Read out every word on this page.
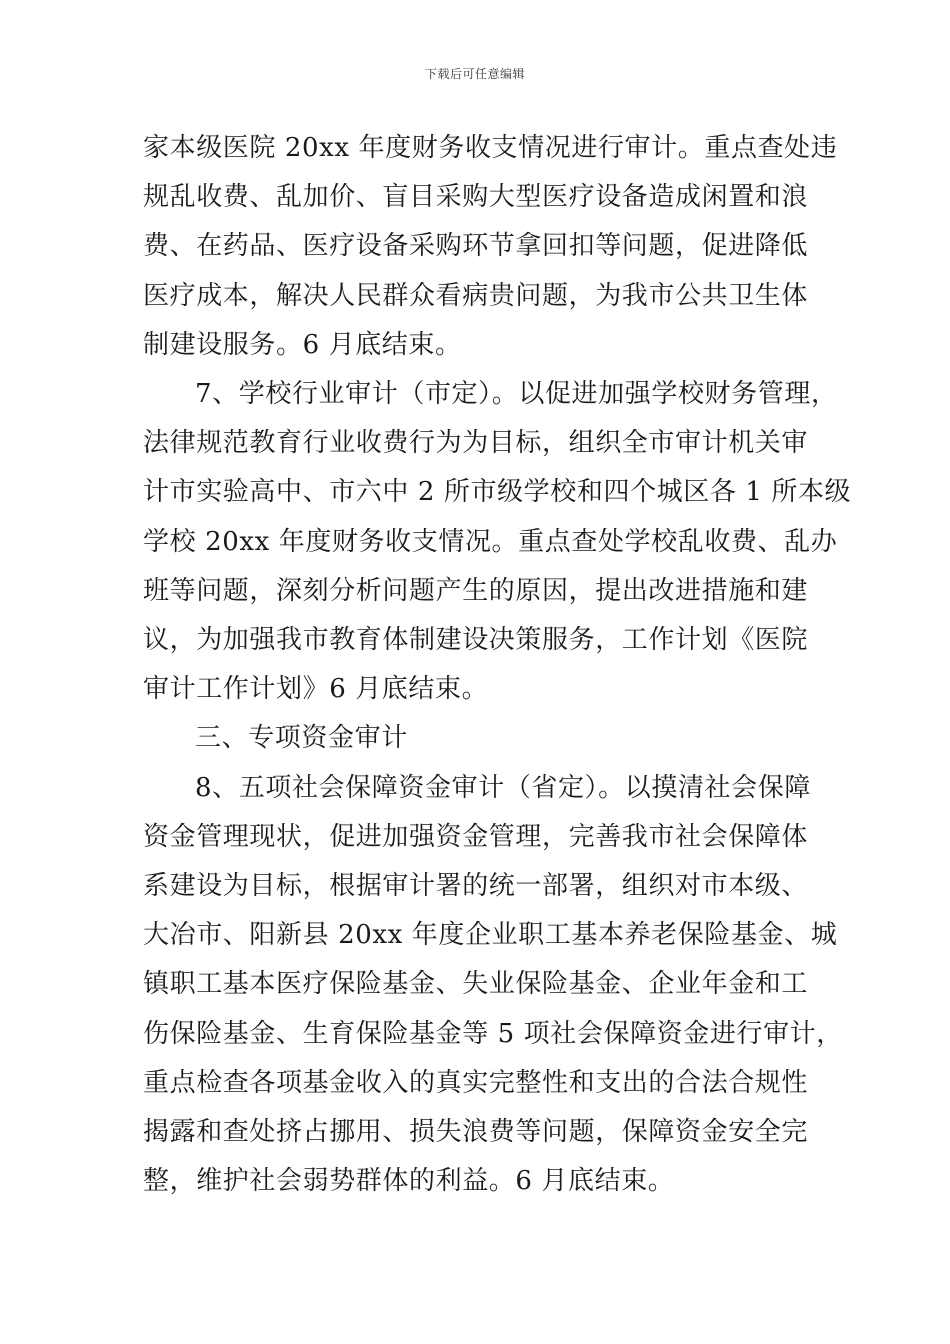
下载后可任意编辑

家本级医院 20xx 年度财务收支情况进行审计。重点查处违
规乱收费、乱加价、盲目采购大型医疗设备造成闲置和浪
费、在药品、医疗设备采购环节拿回扣等问题，促进降低
医疗成本，解决人民群众看病贵问题，为我市公共卫生体
制建设服务。6 月底结束。

7、学校行业审计（市定）。以促进加强学校财务管理，
法律规范教育行业收费行为为目标，组织全市审计机关审
计市实验高中、市六中 2 所市级学校和四个城区各 1 所本级
学校 20xx 年度财务收支情况。重点查处学校乱收费、乱办
班等问题，深刻分析问题产生的原因，提出改进措施和建
议，为加强我市教育体制建设决策服务，工作计划《医院
审计工作计划》6 月底结束。

三、专项资金审计

8、五项社会保障资金审计（省定）。以摸清社会保障
资金管理现状，促进加强资金管理，完善我市社会保障体
系建设为目标，根据审计署的统一部署，组织对市本级、
大冶市、阳新县 20xx 年度企业职工基本养老保险基金、城
镇职工基本医疗保险基金、失业保险基金、企业年金和工
伤保险基金、生育保险基金等 5 项社会保障资金进行审计，
重点检查各项基金收入的真实完整性和支出的合法合规性
揭露和查处挤占挪用、损失浪费等问题，保障资金安全完
整，维护社会弱势群体的利益。6 月底结束。
